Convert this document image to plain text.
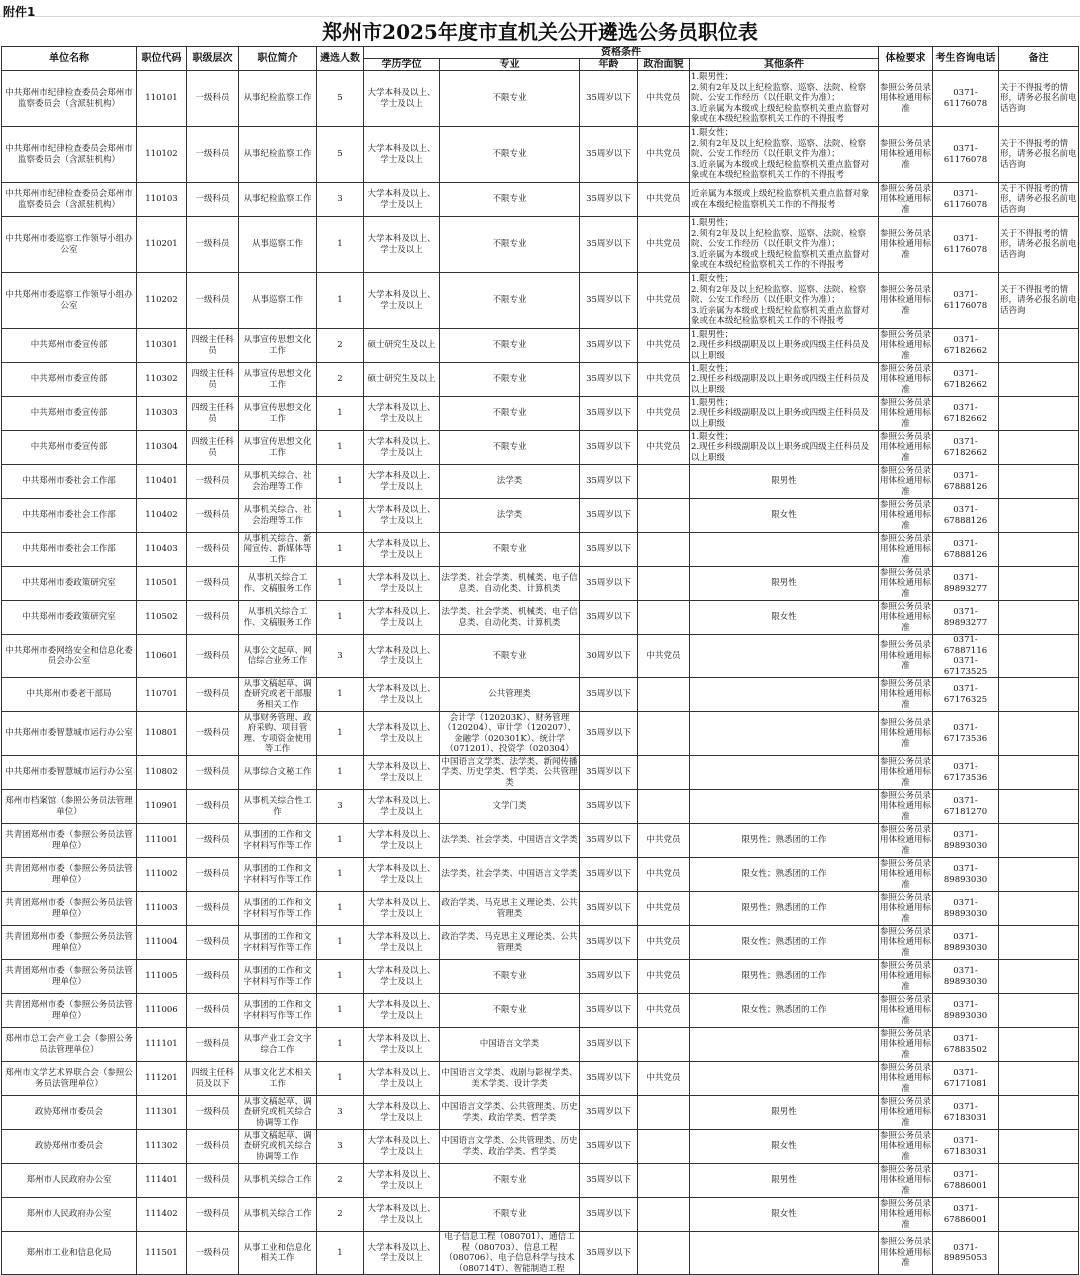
附件1
郑州市2025年度市直机关公开遴选公务员职位表
单位名称	职位代码	职级层次	职位简介	遴选人数	资格条件					体检要求	考生咨询电话	备注
					学历学位	专业	年龄	政治面貌	其他条件			
中共郑州市纪律检查委员会郑州市监察委员会（含派驻机构）	110101	一级科员	从事纪检监察工作	5	大学本科及以上、学士及以上	不限专业	35周岁以下	中共党员	1.限男性；
2.须有2年及以上纪检监察、巡察、法院、检察院、公安工作经历（以任职文件为准）；
3.近亲属为本级或上级纪检监察机关重点监督对象或在本级纪检监察机关工作的不得报考	参照公务员录用体检通用标准	0371-61176078	关于不得报考的情形，请务必报名前电话咨询
中共郑州市纪律检查委员会郑州市监察委员会（含派驻机构）	110102	一级科员	从事纪检监察工作	5	大学本科及以上、学士及以上	不限专业	35周岁以下	中共党员	1.限女性；
2.须有2年及以上纪检监察、巡察、法院、检察院、公安工作经历（以任职文件为准）；
3.近亲属为本级或上级纪检监察机关重点监督对象或在本级纪检监察机关工作的不得报考	参照公务员录用体检通用标准	0371-61176078	关于不得报考的情形，请务必报名前电话咨询
中共郑州市纪律检查委员会郑州市监察委员会（含派驻机构）	110103	一级科员	从事纪检监察工作	3	大学本科及以上、学士及以上	不限专业	35周岁以下	中共党员	近亲属为本级或上级纪检监察机关重点监督对象或在本级纪检监察机关工作的不得报考	参照公务员录用体检通用标准	0371-61176078	关于不得报考的情形，请务必报名前电话咨询
中共郑州市委巡察工作领导小组办公室	110201	一级科员	从事巡察工作	1	大学本科及以上、学士及以上	不限专业	35周岁以下	中共党员	1.限男性；
2.须有2年及以上纪检监察、巡察、法院、检察院、公安工作经历（以任职文件为准）；
3.近亲属为本级或上级纪检监察机关重点监督对象或在本级纪检监察机关工作的不得报考	参照公务员录用体检通用标准	0371-61176078	关于不得报考的情形，请务必报名前电话咨询
中共郑州市委巡察工作领导小组办公室	110202	一级科员	从事巡察工作	1	大学本科及以上、学士及以上	不限专业	35周岁以下	中共党员	1.限女性；
2.须有2年及以上纪检监察、巡察、法院、检察院、公安工作经历（以任职文件为准）；
3.近亲属为本级或上级纪检监察机关重点监督对象或在本级纪检监察机关工作的不得报考	参照公务员录用体检通用标准	0371-61176078	关于不得报考的情形，请务必报名前电话咨询
中共郑州市委宣传部	110301	四级主任科员	从事宣传思想文化工作	2	硕士研究生及以上	不限专业	35周岁以下	中共党员	1.限男性；
2.现任乡科级副职及以上职务或四级主任科员及以上职级	参照公务员录用体检通用标准	0371-67182662	
中共郑州市委宣传部	110302	四级主任科员	从事宣传思想文化工作	2	硕士研究生及以上	不限专业	35周岁以下	中共党员	1.限女性；
2.现任乡科级副职及以上职务或四级主任科员及以上职级	参照公务员录用体检通用标准	0371-67182662	
中共郑州市委宣传部	110303	四级主任科员	从事宣传思想文化工作	1	大学本科及以上、学士及以上	不限专业	35周岁以下	中共党员	1.限男性；
2.现任乡科级副职及以上职务或四级主任科员及以上职级	参照公务员录用体检通用标准	0371-67182662	
中共郑州市委宣传部	110304	四级主任科员	从事宣传思想文化工作	1	大学本科及以上、学士及以上	不限专业	35周岁以下	中共党员	1.限女性；
2.现任乡科级副职及以上职务或四级主任科员及以上职级	参照公务员录用体检通用标准	0371-67182662	
中共郑州市委社会工作部	110401	一级科员	从事机关综合、社会治理等工作	1	大学本科及以上、学士及以上	法学类	35周岁以下		限男性	参照公务员录用体检通用标准	0371-67888126	
中共郑州市委社会工作部	110402	一级科员	从事机关综合、社会治理等工作	1	大学本科及以上、学士及以上	法学类	35周岁以下		限女性	参照公务员录用体检通用标准	0371-67888126	
中共郑州市委社会工作部	110403	一级科员	从事机关综合、新闻宣传、新媒体等工作	1	大学本科及以上、学士及以上	不限专业	35周岁以下			参照公务员录用体检通用标准	0371-67888126	
中共郑州市委政策研究室	110501	一级科员	从事机关综合工作、文稿服务工作	1	大学本科及以上、学士及以上	法学类、社会学类、机械类、电子信息类、自动化类、计算机类	35周岁以下		限男性	参照公务员录用体检通用标准	0371-89893277	
中共郑州市委政策研究室	110502	一级科员	从事机关综合工作、文稿服务工作	1	大学本科及以上、学士及以上	法学类、社会学类、机械类、电子信息类、自动化类、计算机类	35周岁以下		限女性	参照公务员录用体检通用标准	0371-89893277	
中共郑州市委网络安全和信息化委员会办公室	110601	一级科员	从事公文起草、网信综合业务工作	3	大学本科及以上、学士及以上	不限专业	30周岁以下	中共党员		参照公务员录用体检通用标准	0371-67887116
0371-67173525	
中共郑州市委老干部局	110701	一级科员	从事文稿起草、调查研究或老干部服务相关工作	1	大学本科及以上、学士及以上	公共管理类	35周岁以下			参照公务员录用体检通用标准	0371-67176325	
中共郑州市委智慧城市运行办公室	110801	一级科员	从事财务管理、政府采购、项目管理、专项资金使用等工作	1	大学本科及以上、学士及以上	会计学（120203K）、财务管理（120204）、审计学（120207）、金融学（020301K）、统计学（071201）、投资学（020304）	35周岁以下			参照公务员录用体检通用标准	0371-67173536	
中共郑州市委智慧城市运行办公室	110802	一级科员	从事综合文秘工作	1	大学本科及以上、学士及以上	中国语言文学类、法学类、新闻传播学类、历史学类、哲学类、公共管理类	35周岁以下			参照公务员录用体检通用标准	0371-67173536	
郑州市档案馆（参照公务员法管理单位）	110901	一级科员	从事机关综合性工作	3	大学本科及以上、学士及以上	文学门类	35周岁以下			参照公务员录用体检通用标准	0371-67181270	
共青团郑州市委（参照公务员法管理单位）	111001	一级科员	从事团的工作和文字材料写作等工作	1	大学本科及以上、学士及以上	法学类、社会学类、中国语言文学类	35周岁以下	中共党员	限男性；熟悉团的工作	参照公务员录用体检通用标准	0371-89893030	
共青团郑州市委（参照公务员法管理单位）	111002	一级科员	从事团的工作和文字材料写作等工作	1	大学本科及以上、学士及以上	法学类、社会学类、中国语言文学类	35周岁以下	中共党员	限女性；熟悉团的工作	参照公务员录用体检通用标准	0371-89893030	
共青团郑州市委（参照公务员法管理单位）	111003	一级科员	从事团的工作和文字材料写作等工作	1	大学本科及以上、学士及以上	政治学类、马克思主义理论类、公共管理类	35周岁以下	中共党员	限男性；熟悉团的工作	参照公务员录用体检通用标准	0371-89893030	
共青团郑州市委（参照公务员法管理单位）	111004	一级科员	从事团的工作和文字材料写作等工作	1	大学本科及以上、学士及以上	政治学类、马克思主义理论类、公共管理类	35周岁以下	中共党员	限女性；熟悉团的工作	参照公务员录用体检通用标准	0371-89893030	
共青团郑州市委（参照公务员法管理单位）	111005	一级科员	从事团的工作和文字材料写作等工作	1	大学本科及以上、学士及以上	不限专业	35周岁以下	中共党员	限男性；熟悉团的工作	参照公务员录用体检通用标准	0371-89893030	
共青团郑州市委（参照公务员法管理单位）	111006	一级科员	从事团的工作和文字材料写作等工作	1	大学本科及以上、学士及以上	不限专业	35周岁以下	中共党员	限女性；熟悉团的工作	参照公务员录用体检通用标准	0371-89893030	
郑州市总工会产业工会（参照公务员法管理单位）	111101	一级科员	从事产业工会文字综合工作	1	大学本科及以上、学士及以上	中国语言文学类	35周岁以下			参照公务员录用体检通用标准	0371-67883502	
郑州市文学艺术界联合会（参照公务员法管理单位）	111201	四级主任科员及以下	从事文化艺术相关工作	1	大学本科及以上、学士及以上	中国语言文学类、戏剧与影视学类、美术学类、设计学类	35周岁以下	中共党员		参照公务员录用体检通用标准	0371-67171081	
政协郑州市委员会	111301	一级科员	从事文稿起草、调查研究或机关综合协调等工作	3	大学本科及以上、学士及以上	中国语言文学类、公共管理类、历史学类、政治学类、哲学类	35周岁以下		限男性	参照公务员录用体检通用标准	0371-67183031	
政协郑州市委员会	111302	一级科员	从事文稿起草、调查研究或机关综合协调等工作	3	大学本科及以上、学士及以上	中国语言文学类、公共管理类、历史学类、政治学类、哲学类	35周岁以下		限女性	参照公务员录用体检通用标准	0371-67183031	
郑州市人民政府办公室	111401	一级科员	从事机关综合工作	2	大学本科及以上、学士及以上	不限专业	35周岁以下		限男性	参照公务员录用体检通用标准	0371-67886001	
郑州市人民政府办公室	111402	一级科员	从事机关综合工作	2	大学本科及以上、学士及以上	不限专业	35周岁以下		限女性	参照公务员录用体检通用标准	0371-67886001	
郑州市工业和信息化局	111501	一级科员	从事工业和信息化相关工作	1	大学本科及以上、学士及以上	电子信息工程（080701）、通信工程（080703）、信息工程（080706）、电子信息科学与技术（080714T）、智能制造工程	35周岁以下			参照公务员录用体检通用标准	0371-89895053	
